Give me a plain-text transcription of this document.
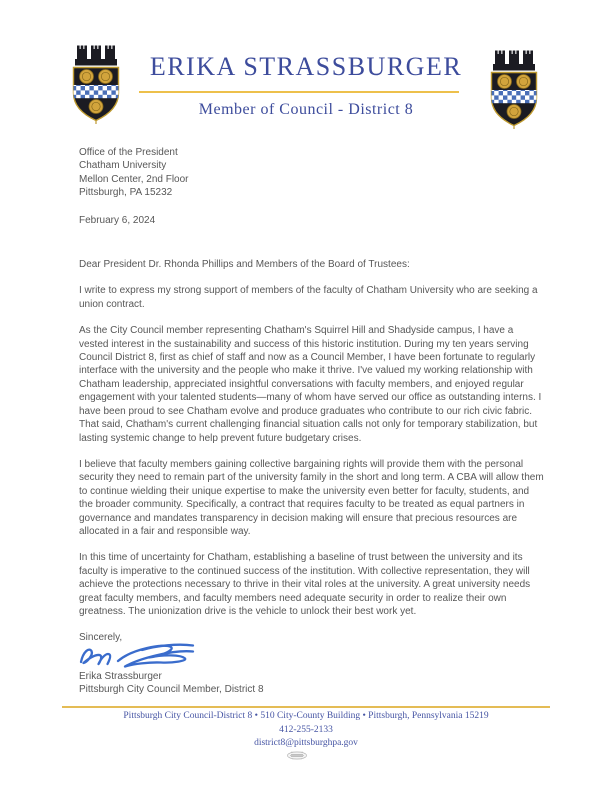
ERIKA STRASSBURGER
Member of Council - District 8
Office of the President
Chatham University
Mellon Center, 2nd Floor
Pittsburgh, PA 15232
February 6, 2024
Dear President Dr. Rhonda Phillips and Members of the Board of Trustees:
I write to express my strong support of members of the faculty of Chatham University who are seeking a union contract.
As the City Council member representing Chatham's Squirrel Hill and Shadyside campus, I have a vested interest in the sustainability and success of this historic institution. During my ten years serving Council District 8, first as chief of staff and now as a Council Member, I have been fortunate to regularly interface with the university and the people who make it thrive. I've valued my working relationship with Chatham leadership, appreciated insightful conversations with faculty members, and enjoyed regular engagement with your talented students—many of whom have served our office as outstanding interns. I have been proud to see Chatham evolve and produce graduates who contribute to our rich civic fabric. That said, Chatham's current challenging financial situation calls not only for temporary stabilization, but lasting systemic change to help prevent future budgetary crises.
I believe that faculty members gaining collective bargaining rights will provide them with the personal security they need to remain part of the university family in the short and long term. A CBA will allow them to continue wielding their unique expertise to make the university even better for faculty, students, and the broader community. Specifically, a contract that requires faculty to be treated as equal partners in governance and mandates transparency in decision making will ensure that precious resources are allocated in a fair and responsible way.
In this time of uncertainty for Chatham, establishing a baseline of trust between the university and its faculty is imperative to the continued success of the institution. With collective representation, they will achieve the protections necessary to thrive in their vital roles at the university. A great university needs great faculty members, and faculty members need adequate security in order to realize their own greatness. The unionization drive is the vehicle to unlock their best work yet.
Sincerely,
Erika Strassburger
Pittsburgh City Council Member, District 8
Pittsburgh City Council-District 8 • 510 City-County Building • Pittsburgh, Pennsylvania 15219
412-255-2133
district8@pittsburghpa.gov
